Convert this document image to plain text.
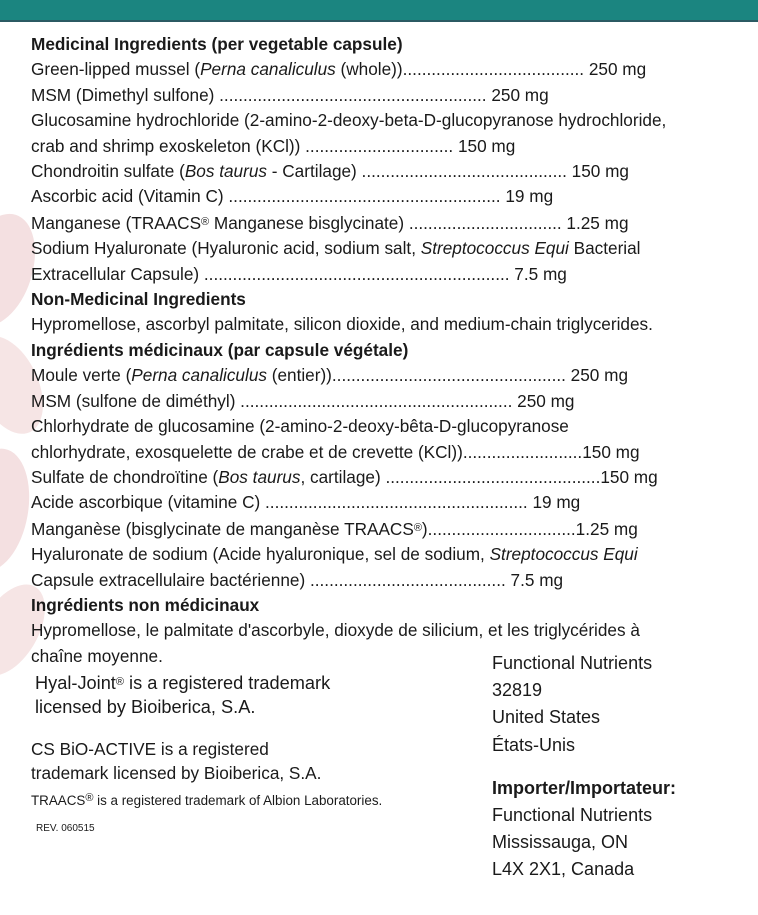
Medicinal Ingredients (per vegetable capsule)
Green-lipped mussel (Perna canaliculus (whole))...................................... 250 mg
MSM (Dimethyl sulfone) ........................................................ 250 mg
Glucosamine hydrochloride (2-amino-2-deoxy-beta-D-glucopyranose hydrochloride,
crab and shrimp exoskeleton (KCl)) ............................... 150 mg
Chondroitin sulfate (Bos taurus - Cartilage) ........................................... 150 mg
Ascorbic acid (Vitamin C) ......................................................... 19 mg
Manganese (TRAACS® Manganese bisglycinate) ................................ 1.25 mg
Sodium Hyaluronate (Hyaluronic acid, sodium salt, Streptococcus Equi Bacterial
Extracellular Capsule) ................................................................ 7.5 mg
Non-Medicinal Ingredients
Hypromellose, ascorbyl palmitate, silicon dioxide, and medium-chain triglycerides.
Ingrédients médicinaux (par capsule végétale)
Moule verte (Perna canaliculus (entier))................................................. 250 mg
MSM (sulfone de diméthyl) ......................................................... 250 mg
Chlorhydrate de glucosamine (2-amino-2-deoxy-bêta-D-glucopyranose
chlorhydrate, exosquelette de crabe et de crevette (KCl)).........................150 mg
Sulfate de chondroïtine (Bos taurus, cartilage) .............................................150 mg
Acide ascorbique (vitamine C) ....................................................... 19 mg
Manganèse (bisglycinate de manganèse TRAACS®)...............................1.25 mg
Hyaluronate de sodium (Acide hyaluronique, sel de sodium, Streptococcus Equi
Capsule extracellulaire bactérienne) ......................................... 7.5 mg
Ingrédients non médicinaux
Hypromellose, le palmitate d'ascorbyle, dioxyde de silicium, et les triglycérides à
chaîne moyenne.
Hyal-Joint® is a registered trademark
licensed by Bioiberica, S.A.
CS BiO-ACTIVE is a registered
trademark licensed by Bioiberica, S.A.
TRAACS® is a registered trademark of Albion Laboratories.
REV. 060515
Functional Nutrients
32819
United States
États-Unis
Importer/Importateur:
Functional Nutrients
Mississauga, ON
L4X 2X1, Canada
